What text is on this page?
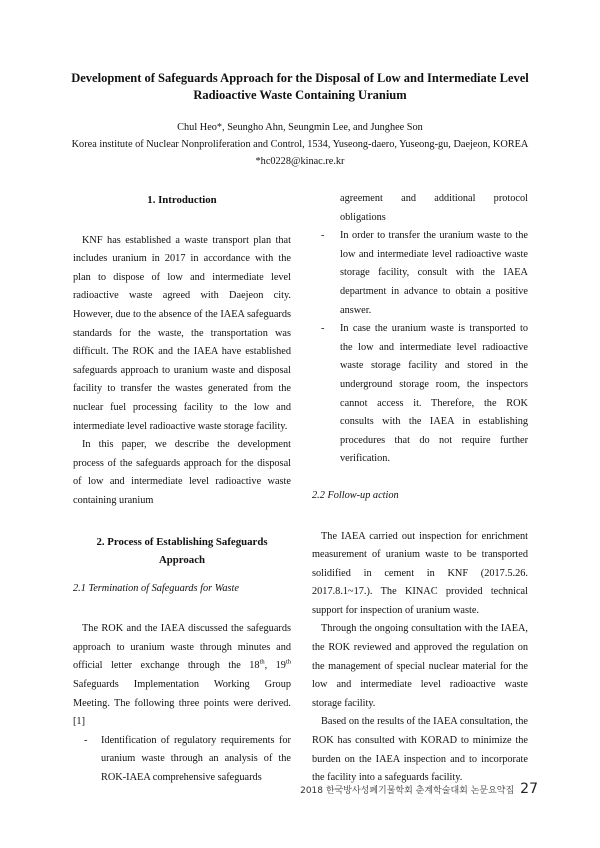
Development of Safeguards Approach for the Disposal of Low and Intermediate Level
Radioactive Waste Containing Uranium
Chul Heo*, Seungho Ahn, Seungmin Lee, and Junghee Son
Korea institute of Nuclear Nonproliferation and Control, 1534, Yuseong-daero, Yuseong-gu, Daejeon, KOREA
*hc0228@kinac.re.kr
1. Introduction

KNF has established a waste transport plan that includes uranium in 2017 in accordance with the plan to dispose of low and intermediate level radioactive waste agreed with Daejeon city. However, due to the absence of the IAEA safeguards standards for the waste, the transportation was difficult. The ROK and the IAEA have established safeguards approach to uranium waste and disposal facility to transfer the wastes generated from the nuclear fuel processing facility to the low and intermediate level radioactive waste storage facility.

In this paper, we describe the development process of the safeguards approach for the disposal of low and intermediate level radioactive waste containing uranium

2. Process of Establishing Safeguards
Approach
2.1 Termination of Safeguards for Waste

The ROK and the IAEA discussed the safeguards approach to uranium waste through minutes and official letter exchange through the 18th, 19th Safeguards Implementation Working Group Meeting. The following three points were derived.[1]

-	Identification of regulatory requirements for uranium waste through an analysis of the ROK-IAEA comprehensive safeguards
agreement and additional protocol obligations
-	In order to transfer the uranium waste to the low and intermediate level radioactive waste storage facility, consult with the IAEA department in advance to obtain a positive answer.
-	In case the uranium waste is transported to the low and intermediate level radioactive waste storage facility and stored in the underground storage room, the inspectors cannot access it. Therefore, the ROK consults with the IAEA in establishing procedures that do not require further verification.
2.2 Follow-up action

The IAEA carried out inspection for enrichment measurement of uranium waste to be transported solidified in cement in KNF (2017.5.26. 2017.8.1~17.). The KINAC provided technical support for inspection of uranium waste.

Through the ongoing consultation with the IAEA, the ROK reviewed and approved the regulation on the management of special nuclear material for the low and intermediate level radioactive waste storage facility.

Based on the results of the IAEA consultation, the ROK has consulted with KORAD to minimize the burden on the IAEA inspection and to incorporate the facility into a safeguards facility.

2018 한국방사성폐기물학회 춘계학술대회 논문요약집 27
